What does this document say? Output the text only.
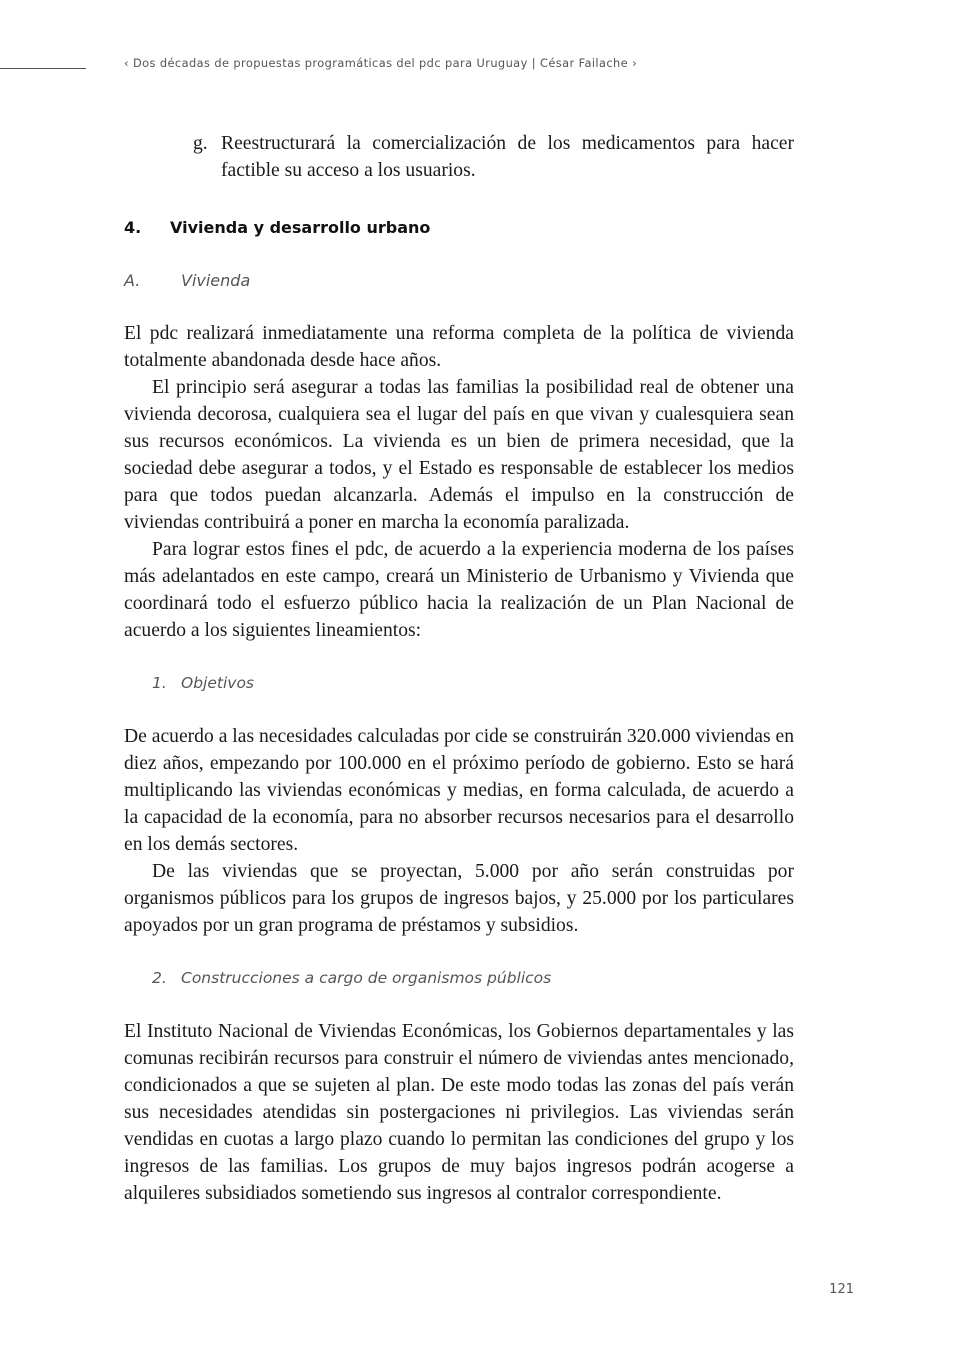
‹ Dos décadas de propuestas programáticas del pdc para Uruguay | César Failache ›
g. Reestructurará la comercialización de los medicamentos para hacer factible su acceso a los usuarios.
4. Vivienda y desarrollo urbano
A.	Vivienda

El pdc realizará inmediatamente una reforma completa de la política de vivienda totalmente abandonada desde hace años.

El principio será asegurar a todas las familias la posibilidad real de obtener una vivienda decorosa, cualquiera sea el lugar del país en que vivan y cualesquiera sean sus recursos económicos. La vivienda es un bien de primera necesidad, que la sociedad debe asegurar a todos, y el Estado es responsable de establecer los medios para que todos puedan alcanzarla. Además el impulso en la construcción de viviendas contribuirá a poner en marcha la economía paralizada.

Para lograr estos fines el pdc, de acuerdo a la experiencia moderna de los países más adelantados en este campo, creará un Ministerio de Urbanismo y Vivienda que coordinará todo el esfuerzo público hacia la realización de un Plan Nacional de acuerdo a los siguientes lineamientos:

1. Objetivos

De acuerdo a las necesidades calculadas por cide se construirán 320.000 viviendas en diez años, empezando por 100.000 en el próximo período de gobierno. Esto se hará multiplicando las viviendas económicas y medias, en forma calculada, de acuerdo a la capacidad de la economía, para no absorber recursos necesarios para el desarrollo en los demás sectores.

De las viviendas que se proyectan, 5.000 por año serán construidas por organismos públicos para los grupos de ingresos bajos, y 25.000 por los particulares apoyados por un gran programa de préstamos y subsidios.

2. Construcciones a cargo de organismos públicos

El Instituto Nacional de Viviendas Económicas, los Gobiernos departamentales y las comunas recibirán recursos para construir el número de viviendas antes mencionado, condicionados a que se sujeten al plan. De este modo todas las zonas del país verán sus necesidades atendidas sin postergaciones ni privilegios. Las viviendas serán vendidas en cuotas a largo plazo cuando lo permitan las condiciones del grupo y los ingresos de las familias. Los grupos de muy bajos ingresos podrán acogerse a alquileres subsidiados sometiendo sus ingresos al contralor correspondiente.

121
